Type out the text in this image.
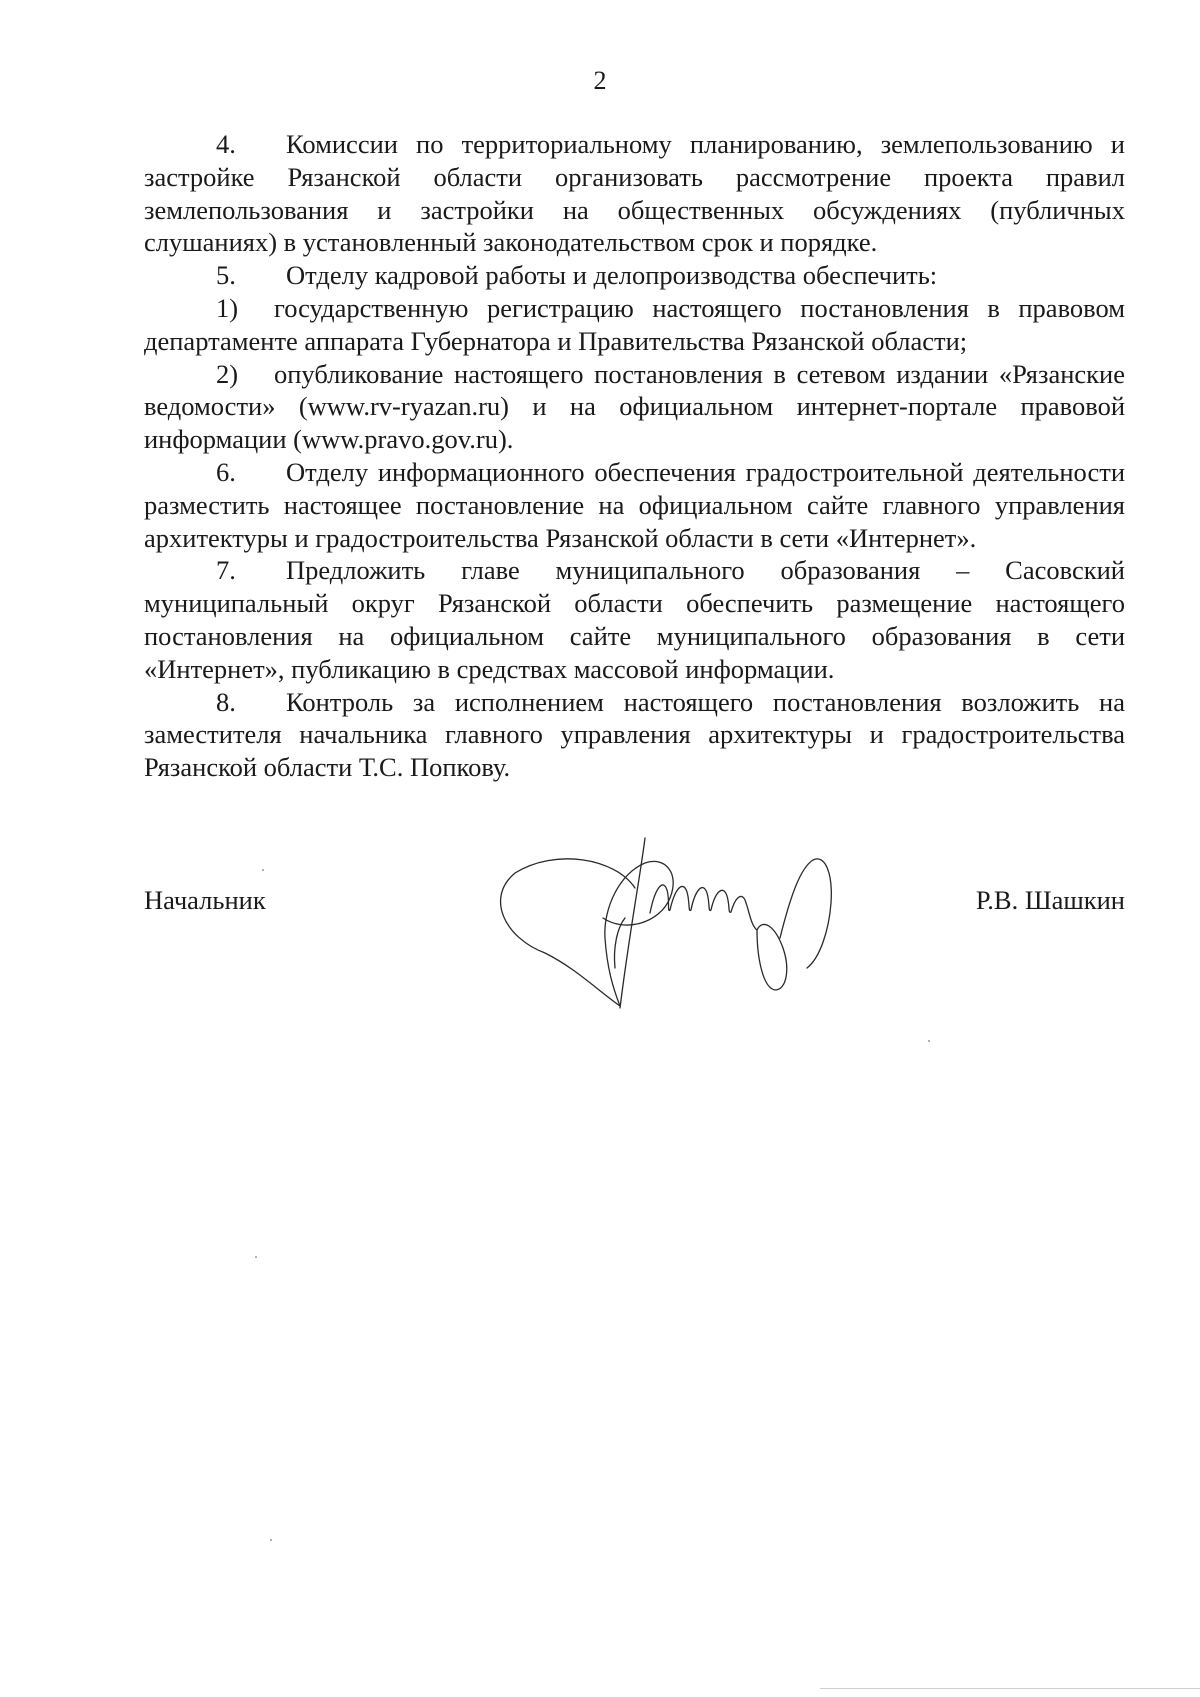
2

4. Комиссии по территориальному планированию, землепользованию и застройке Рязанской области организовать рассмотрение проекта правил землепользования и застройки на общественных обсуждениях (публичных слушаниях) в установленный законодательством срок и порядке.

5. Отделу кадровой работы и делопроизводства обеспечить:

1) государственную регистрацию настоящего постановления в правовом департаменте аппарата Губернатора и Правительства Рязанской области;

2) опубликование настоящего постановления в сетевом издании «Рязанские ведомости» (www.rv-ryazan.ru) и на официальном интернет-портале правовой информации (www.pravo.gov.ru).

6. Отделу информационного обеспечения градостроительной деятельности разместить настоящее постановление на официальном сайте главного управления архитектуры и градостроительства Рязанской области в сети «Интернет».

7. Предложить главе муниципального образования – Сасовский муниципальный округ Рязанской области обеспечить размещение настоящего постановления на официальном сайте муниципального образования в сети «Интернет», публикацию в средствах массовой информации.

8. Контроль за исполнением настоящего постановления возложить на заместителя начальника главного управления архитектуры и градостроительства Рязанской области Т.С. Попкову.

Начальник	Р.В. Шашкин
